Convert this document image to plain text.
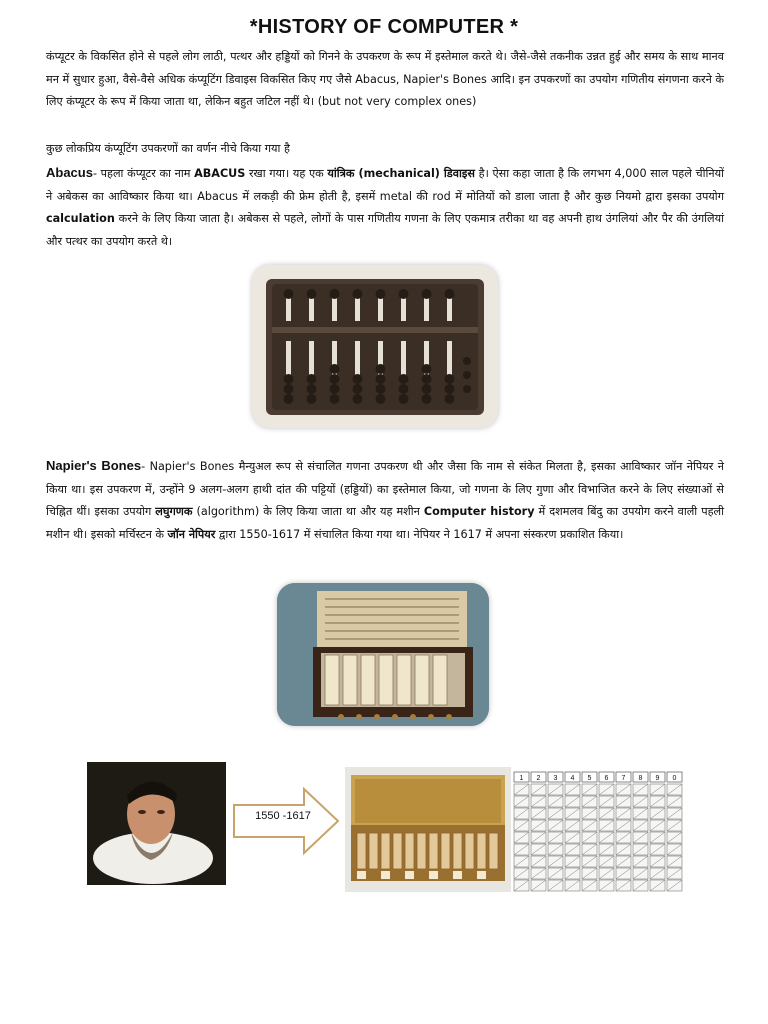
*HISTORY OF COMPUTER *

कंप्यूटर के विकसित होने से पहले लोग लाठी, पत्थर और हड्डियों को गिनने के उपकरण के रूप में इस्तेमाल करते थे। जैसे-जैसे तकनीक उन्नत हुई और समय के साथ मानव मन में सुधार हुआ, वैसे-वैसे अधिक कंप्यूटिंग डिवाइस विकसित किए गए जैसे Abacus, Napier's Bones आदि। इन उपकरणों का उपयोग गणितीय संगणना करने के लिए कंप्यूटर के रूप में किया जाता था, लेकिन बहुत जटिल नहीं थे। (but not very complex ones)

कुछ लोकप्रिय कंप्यूटिंग उपकरणों का वर्णन नीचे किया गया है

Abacus- पहला कंप्यूटर का नाम ABACUS रखा गया। यह एक यांत्रिक (mechanical) डिवाइस है। ऐसा कहा जाता है कि लगभग 4,000 साल पहले चीनियों ने अबेकस का आविष्कार किया था। Abacus में लकड़ी की फ्रेम होती है, इसमें metal की rod में मोतियों को डाला जाता है और कुछ नियमो द्वारा इसका उपयोग calculation करने के लिए किया जाता है। अबेकस से पहले, लोगों के पास गणितीय गणना के लिए एकमात्र तरीका था वह अपनी हाथ उंगलियां और पैर की उंगलियां और पत्थर का उपयोग करते थे।

Napier's Bones- Napier's Bones मैन्युअल रूप से संचालित गणना उपकरण थी और जैसा कि नाम से संकेत मिलता है, इसका आविष्कार जॉन नेपियर ने किया था। इस उपकरण में, उन्होंने 9 अलग-अलग हाथी दांत की पट्टियों (हड्डियों) का इस्तेमाल किया, जो गणना के लिए गुणा और विभाजित करने के लिए संख्याओं से चिह्नित थीं। इसका उपयोग लघुगणक (algorithm) के लिए किया जाता था और यह मशीन Computer history में दशमलव बिंदु का उपयोग करने वाली पहली मशीन थी। इसको मर्चिस्टन के जॉन नेपियर द्वारा 1550-1617 में संचालित किया गया था। नेपियर ने 1617 में अपना संस्करण प्रकाशित किया।

1550 -1617
1 2 3 4 5 6 7 8 9 0
